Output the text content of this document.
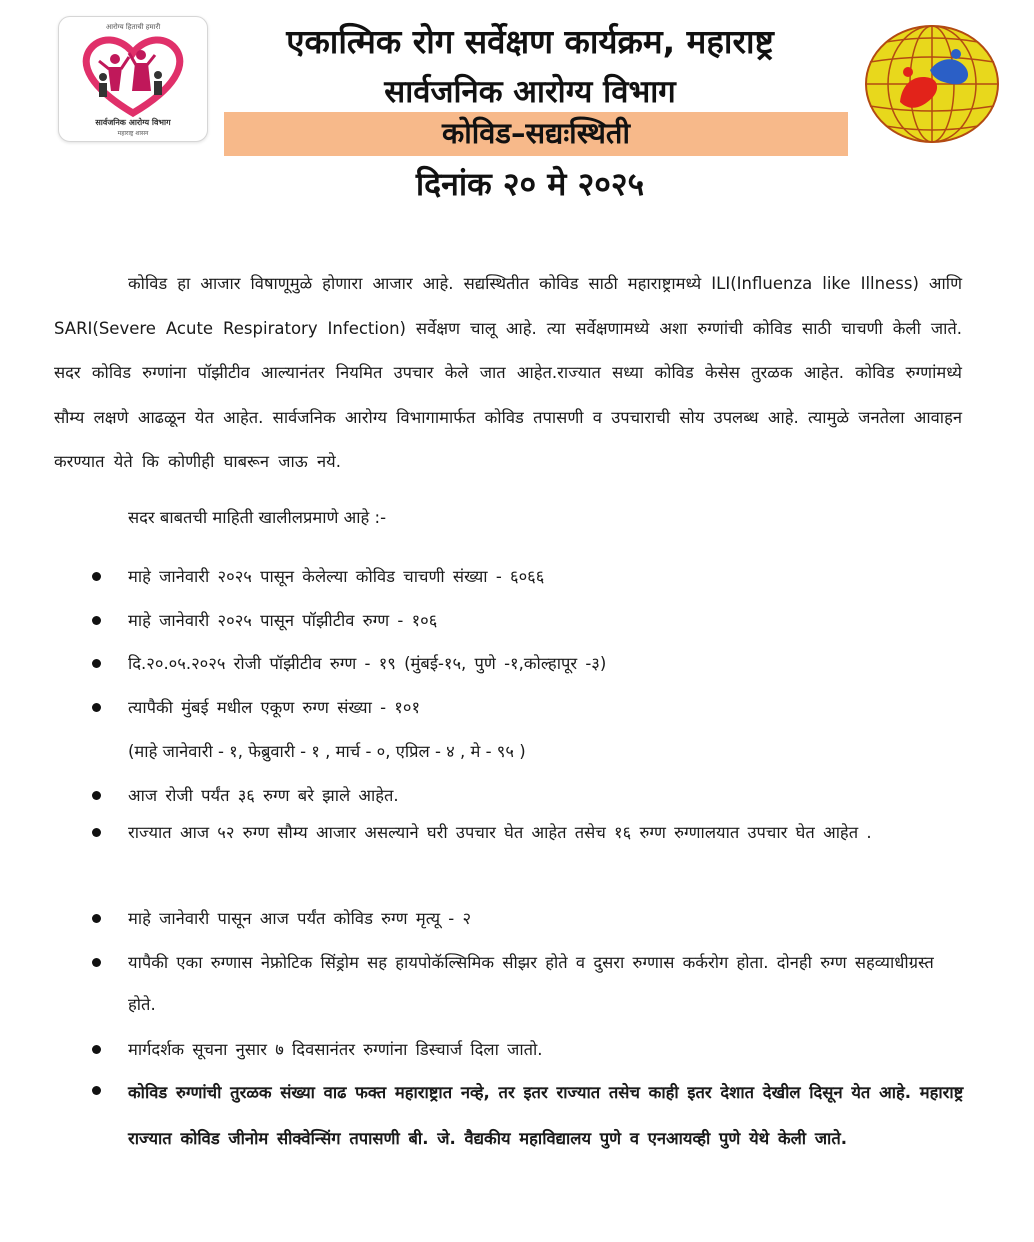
आरोग्य हिताची हमारी
सार्वजनिक आरोग्य विभाग
महाराष्ट्र शासन
एकात्मिक रोग सर्वेक्षण कार्यक्रम, महाराष्ट्र
सार्वजनिक आरोग्य विभाग
कोविड–सद्यःस्थिती
दिनांक २० मे २०२५
कोविड हा आजार विषाणूमुळे होणारा आजार आहे. सद्यस्थितीत कोविड साठी महाराष्ट्रामध्ये ILI(Influenza like Illness) आणि SARI(Severe Acute Respiratory Infection) सर्वेक्षण चालू आहे. त्या सर्वेक्षणामध्ये अशा रुग्णांची कोविड साठी चाचणी केली जाते. सदर कोविड रुग्णांना पॉझीटीव आल्यानंतर नियमित उपचार केले जात आहेत.राज्यात सध्या कोविड केसेस तुरळक आहेत. कोविड रुग्णांमध्ये सौम्य लक्षणे आढळून येत आहेत. सार्वजनिक आरोग्य विभागामार्फत कोविड तपासणी व उपचाराची सोय उपलब्ध आहे. त्यामुळे जनतेला आवाहन करण्यात येते कि कोणीही घाबरून जाऊ नये.
सदर बाबतची माहिती खालीलप्रमाणे आहे :-
माहे जानेवारी २०२५ पासून केलेल्या कोविड चाचणी संख्या - ६०६६
माहे जानेवारी २०२५ पासून पॉझीटीव रुग्ण - १०६
दि.२०.०५.२०२५ रोजी पॉझीटीव रुग्ण - १९ (मुंबई-१५, पुणे -१,कोल्हापूर -३)
त्यापैकी मुंबई मधील एकूण रुग्ण संख्या - १०१
(माहे जानेवारी - १, फेब्रुवारी - १ , मार्च - ०, एप्रिल - ४ , मे - ९५ )
आज रोजी पर्यंत ३६ रुग्ण बरे झाले आहेत.
राज्यात आज ५२ रुग्ण सौम्य आजार असल्याने घरी उपचार घेत आहेत तसेच १६ रुग्ण रुग्णालयात उपचार घेत आहेत .
माहे जानेवारी पासून आज पर्यंत कोविड रुग्ण मृत्यू - २
यापैकी एका रुग्णास नेफ्रोटिक सिंड्रोम सह हायपोकॅल्सिमिक सीझर होते व दुसरा रुग्णास कर्करोग होता. दोनही रुग्ण सहव्याधीग्रस्त होते.
मार्गदर्शक सूचना नुसार ७ दिवसानंतर रुग्णांना डिस्चार्ज दिला जातो.
कोविड रुग्णांची तुरळक संख्या वाढ फक्त महाराष्ट्रात नव्हे, तर इतर राज्यात तसेच काही इतर देशात देखील दिसून येत आहे. महाराष्ट्र राज्यात कोविड जीनोम सीक्वेन्सिंग तपासणी बी. जे. वैद्यकीय महाविद्यालय पुणे व एनआयव्ही पुणे येथे केली जाते.
